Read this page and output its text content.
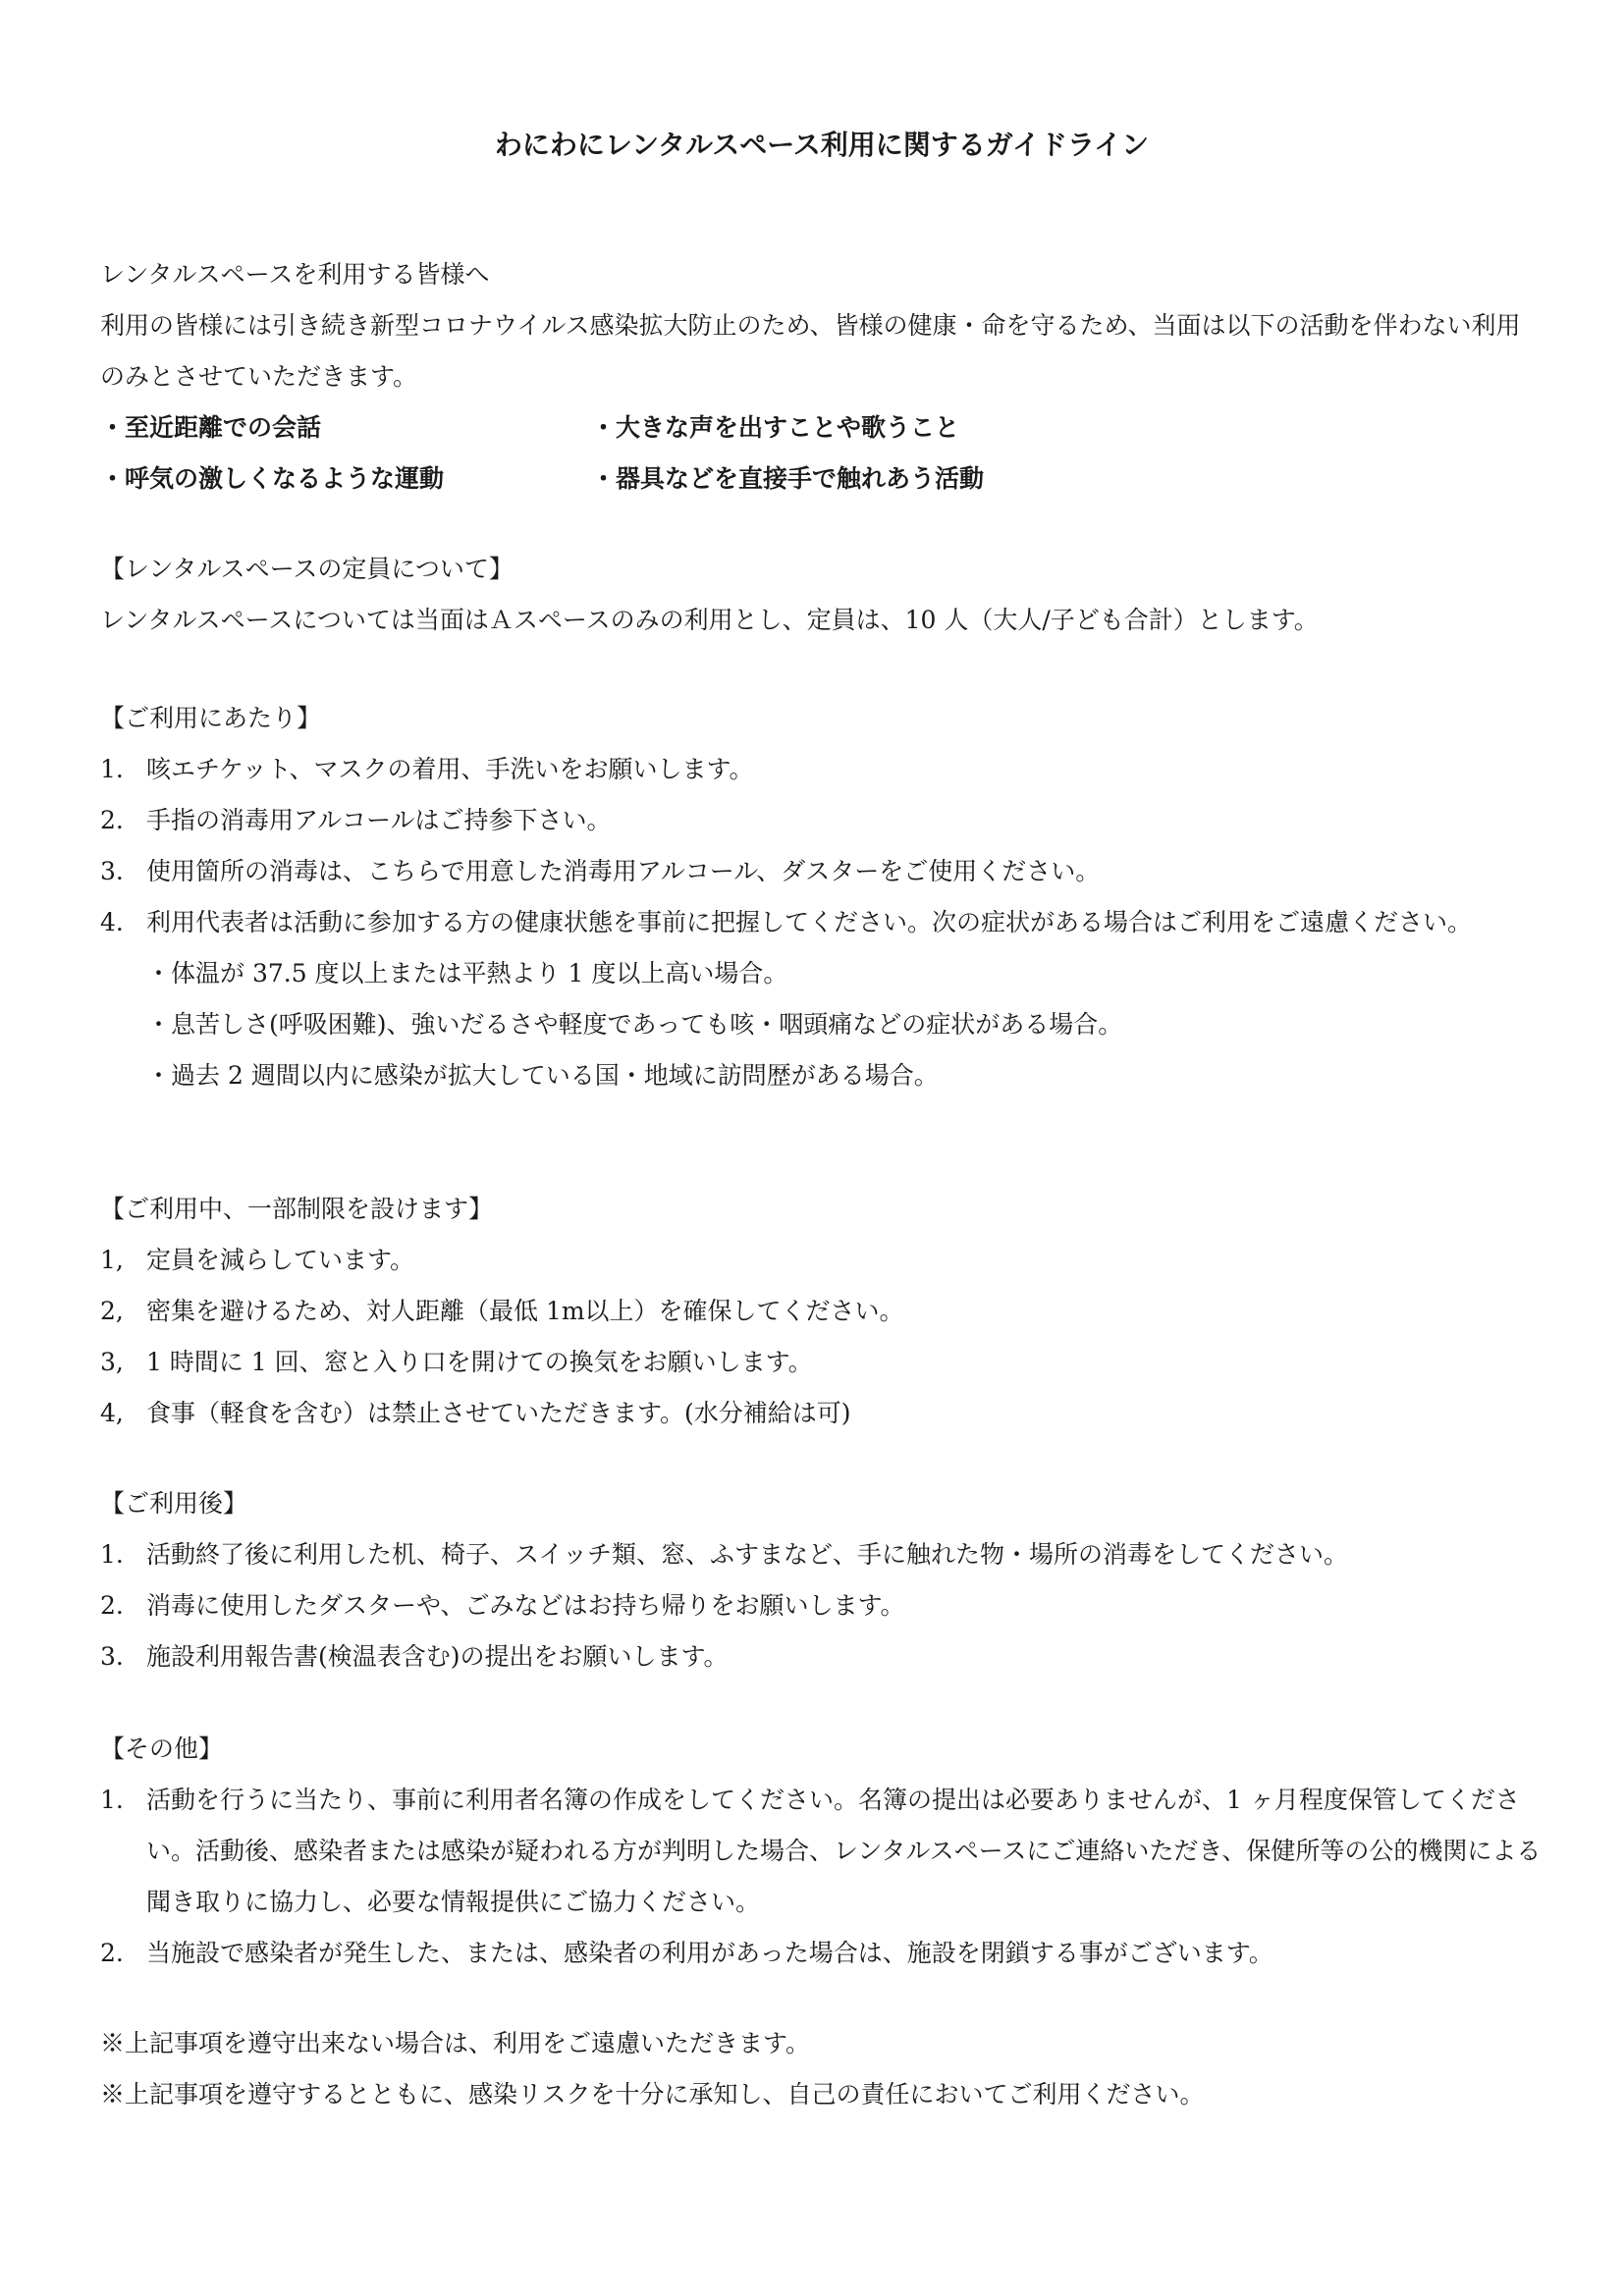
わにわにレンタルスペース利用に関するガイドライン
レンタルスペースを利用する皆様へ
利用の皆様には引き続き新型コロナウイルス感染拡大防止のため、皆様の健康・命を守るため、当面は以下の活動を伴わない利用のみとさせていただきます。
・至近距離での会話	・大きな声を出すことや歌うこと
・呼気の激しくなるような運動	・器具などを直接手で触れあう活動
【レンタルスペースの定員について】
レンタルスペースについては当面はＡスペースのみの利用とし、定員は、10 人（大人/子ども合計）とします。
【ご利用にあたり】
1. 咳エチケット、マスクの着用、手洗いをお願いします。
2. 手指の消毒用アルコールはご持参下さい。
3. 使用箇所の消毒は、こちらで用意した消毒用アルコール、ダスターをご使用ください。
4. 利用代表者は活動に参加する方の健康状態を事前に把握してください。次の症状がある場合はご利用をご遠慮ください。
・体温が 37.5 度以上または平熱より 1 度以上高い場合。
・息苦しさ(呼吸困難)、強いだるさや軽度であっても咳・咽頭痛などの症状がある場合。
・過去 2 週間以内に感染が拡大している国・地域に訪問歴がある場合。
【ご利用中、一部制限を設けます】
1, 定員を減らしています。
2, 密集を避けるため、対人距離（最低 1m以上）を確保してください。
3, 1 時間に 1 回、窓と入り口を開けての換気をお願いします。
4, 食事（軽食を含む）は禁止させていただきます。(水分補給は可)
【ご利用後】
1. 活動終了後に利用した机、椅子、スイッチ類、窓、ふすまなど、手に触れた物・場所の消毒をしてください。
2. 消毒に使用したダスターや、ごみなどはお持ち帰りをお願いします。
3. 施設利用報告書(検温表含む)の提出をお願いします。
【その他】
1. 活動を行うに当たり、事前に利用者名簿の作成をしてください。名簿の提出は必要ありませんが、1 ヶ月程度保管してください。活動後、感染者または感染が疑われる方が判明した場合、レンタルスペースにご連絡いただき、保健所等の公的機関による聞き取りに協力し、必要な情報提供にご協力ください。
2. 当施設で感染者が発生した、または、感染者の利用があった場合は、施設を閉鎖する事がございます。
※上記事項を遵守出来ない場合は、利用をご遠慮いただきます。
※上記事項を遵守するとともに、感染リスクを十分に承知し、自己の責任においてご利用ください。
